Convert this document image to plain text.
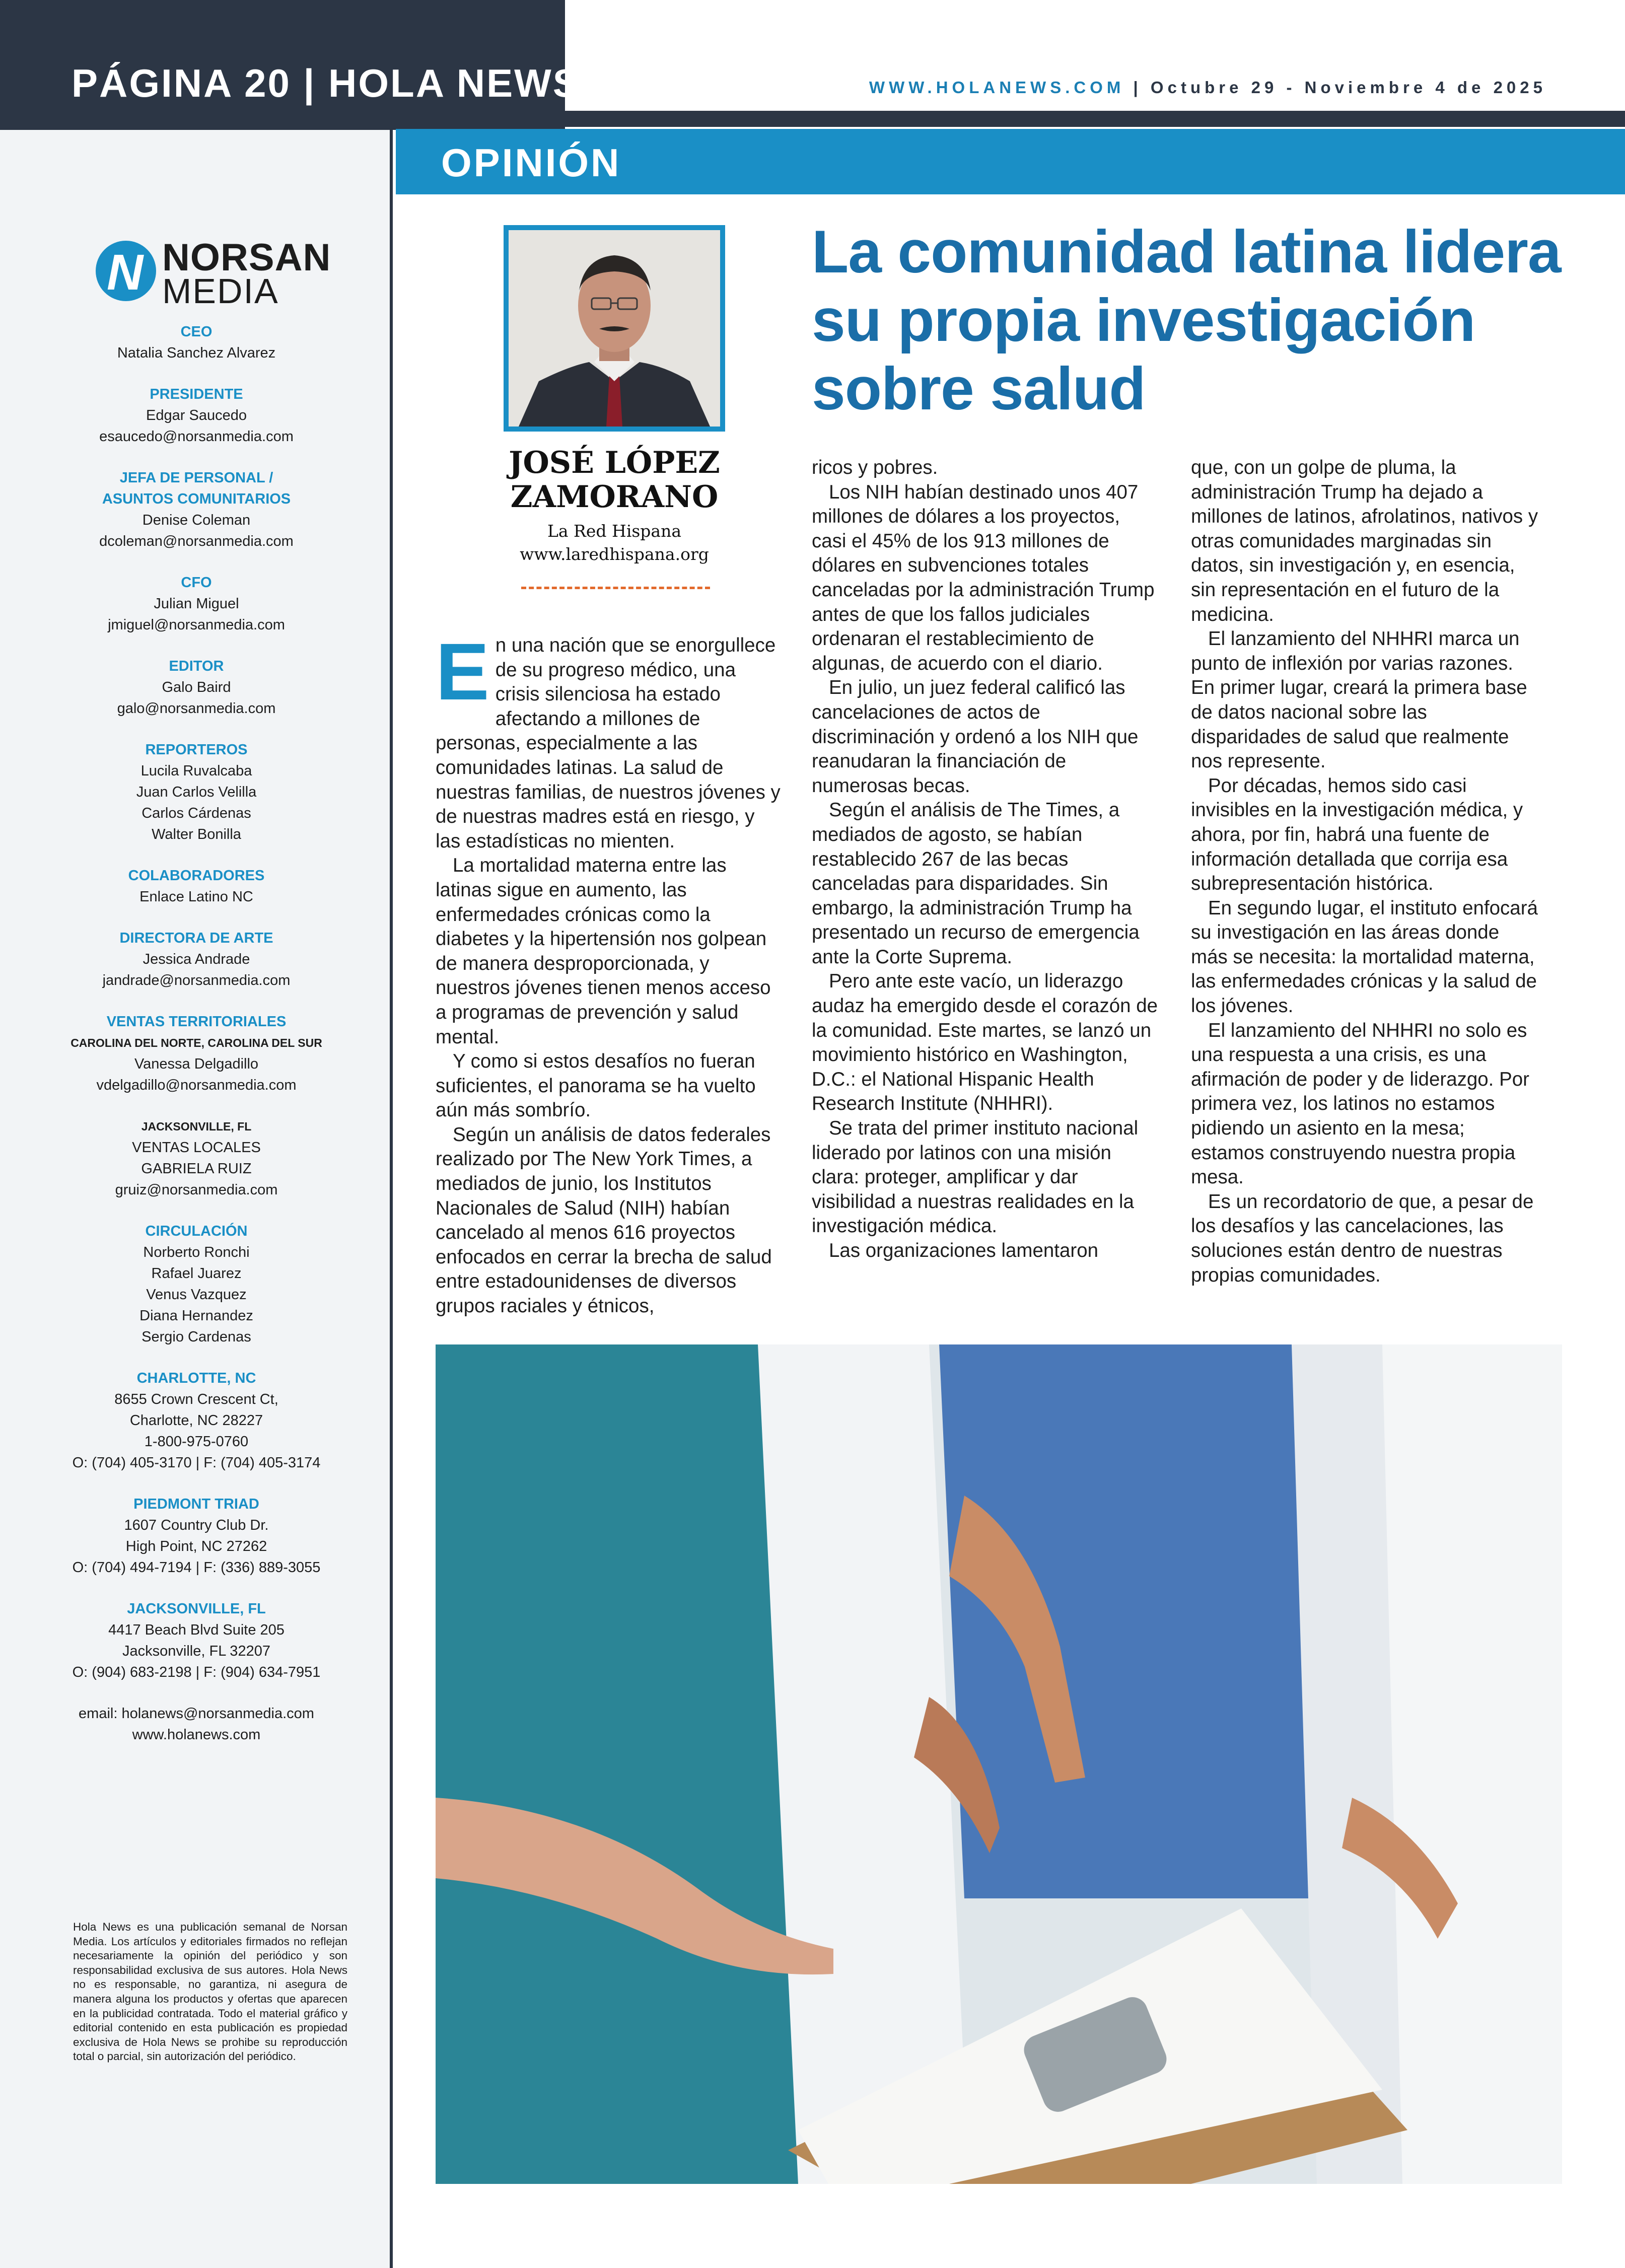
PÁGINA 20 | HOLA NEWS	WWW.HOLANEWS.COM | Octubre 29 - Noviembre 4 de 2025
N NORSAN
MEDIA
CEO
Natalia Sanchez Alvarez
PRESIDENTE
Edgar Saucedo
esaucedo@norsanmedia.com
JEFA DE PERSONAL /
ASUNTOS COMUNITARIOS
Denise Coleman
dcoleman@norsanmedia.com
CFO
Julian Miguel
jmiguel@norsanmedia.com
EDITOR
Galo Baird
galo@norsanmedia.com
REPORTEROS
Lucila Ruvalcaba
Juan Carlos Velilla
Carlos Cárdenas
Walter Bonilla
COLABORADORES
Enlace Latino NC
DIRECTORA DE ARTE
Jessica Andrade
jandrade@norsanmedia.com
VENTAS TERRITORIALES
CAROLINA DEL NORTE, CAROLINA DEL SUR
Vanessa Delgadillo
vdelgadillo@norsanmedia.com
JACKSONVILLE, FL
VENTAS LOCALES
GABRIELA RUIZ
gruiz@norsanmedia.com
CIRCULACIÓN
Norberto Ronchi
Rafael Juarez
Venus Vazquez
Diana Hernandez
Sergio Cardenas
CHARLOTTE, NC
8655 Crown Crescent Ct,
Charlotte, NC 28227
1-800-975-0760
O: (704) 405-3170 | F: (704) 405-3174
PIEDMONT TRIAD
1607 Country Club Dr.
High Point, NC 27262
O: (704) 494-7194 | F: (336) 889-3055
JACKSONVILLE, FL
4417 Beach Blvd Suite 205
Jacksonville, FL 32207
O: (904) 683-2198 | F: (904) 634-7951
email: holanews@norsanmedia.com
www.holanews.com
Hola News es una publicación semanal de Norsan Media. Los artículos y editoriales firmados no reflejan necesariamente la opinión del periódico y son responsabilidad exclusiva de sus autores. Hola News no es responsable, no garantiza, ni asegura de manera alguna los productos y ofertas que aparecen en la publicidad contratada. Todo el material gráfico y editorial contenido en esta publicación es propiedad exclusiva de Hola News se prohibe su reproducción total o parcial, sin autorización del periódico.
OPINIÓN
JOSÉ LÓPEZ
ZAMORANO
La Red Hispana
www.laredhispana.org
La comunidad latina lidera su propia investigación sobre salud

En una nación que se enorgullece de su progreso médico, una crisis silenciosa ha estado afectando a millones de personas, especialmente a las comunidades latinas. La salud de nuestras familias, de nuestros jóvenes y de nuestras madres está en riesgo, y las estadísticas no mienten.

La mortalidad materna entre las latinas sigue en aumento, las enfermedades crónicas como la diabetes y la hipertensión nos golpean de manera desproporcionada, y nuestros jóvenes tienen menos acceso a programas de prevención y salud mental.

Y como si estos desafíos no fueran suficientes, el panorama se ha vuelto aún más sombrío.

Según un análisis de datos federales realizado por The New York Times, a mediados de junio, los Institutos Nacionales de Salud (NIH) habían cancelado al menos 616 proyectos enfocados en cerrar la brecha de salud entre estadounidenses de diversos grupos raciales y étnicos,

ricos y pobres.

Los NIH habían destinado unos 407 millones de dólares a los proyectos, casi el 45% de los 913 millones de dólares en subvenciones totales canceladas por la administración Trump antes de que los fallos judiciales ordenaran el restablecimiento de algunas, de acuerdo con el diario.

En julio, un juez federal calificó las cancelaciones de actos de discriminación y ordenó a los NIH que reanudaran la financiación de numerosas becas.

Según el análisis de The Times, a mediados de agosto, se habían restablecido 267 de las becas canceladas para disparidades. Sin embargo, la administración Trump ha presentado un recurso de emergencia ante la Corte Suprema.

Pero ante este vacío, un liderazgo audaz ha emergido desde el corazón de la comunidad. Este martes, se lanzó un movimiento histórico en Washington, D.C.: el National Hispanic Health Research Institute (NHHRI).

Se trata del primer instituto nacional liderado por latinos con una misión clara: proteger, amplificar y dar visibilidad a nuestras realidades en la investigación médica.

Las organizaciones lamentaron

que, con un golpe de pluma, la administración Trump ha dejado a millones de latinos, afrolatinos, nativos y otras comunidades marginadas sin datos, sin investigación y, en esencia, sin representación en el futuro de la medicina.

El lanzamiento del NHHRI marca un punto de inflexión por varias razones. En primer lugar, creará la primera base de datos nacional sobre las disparidades de salud que realmente nos represente.

Por décadas, hemos sido casi invisibles en la investigación médica, y ahora, por fin, habrá una fuente de información detallada que corrija esa subrepresentación histórica.

En segundo lugar, el instituto enfocará su investigación en las áreas donde más se necesita: la mortalidad materna, las enfermedades crónicas y la salud de los jóvenes.

El lanzamiento del NHHRI no solo es una respuesta a una crisis, es una afirmación de poder y de liderazgo. Por primera vez, los latinos no estamos pidiendo un asiento en la mesa; estamos construyendo nuestra propia mesa.

Es un recordatorio de que, a pesar de los desafíos y las cancelaciones, las soluciones están dentro de nuestras propias comunidades.
